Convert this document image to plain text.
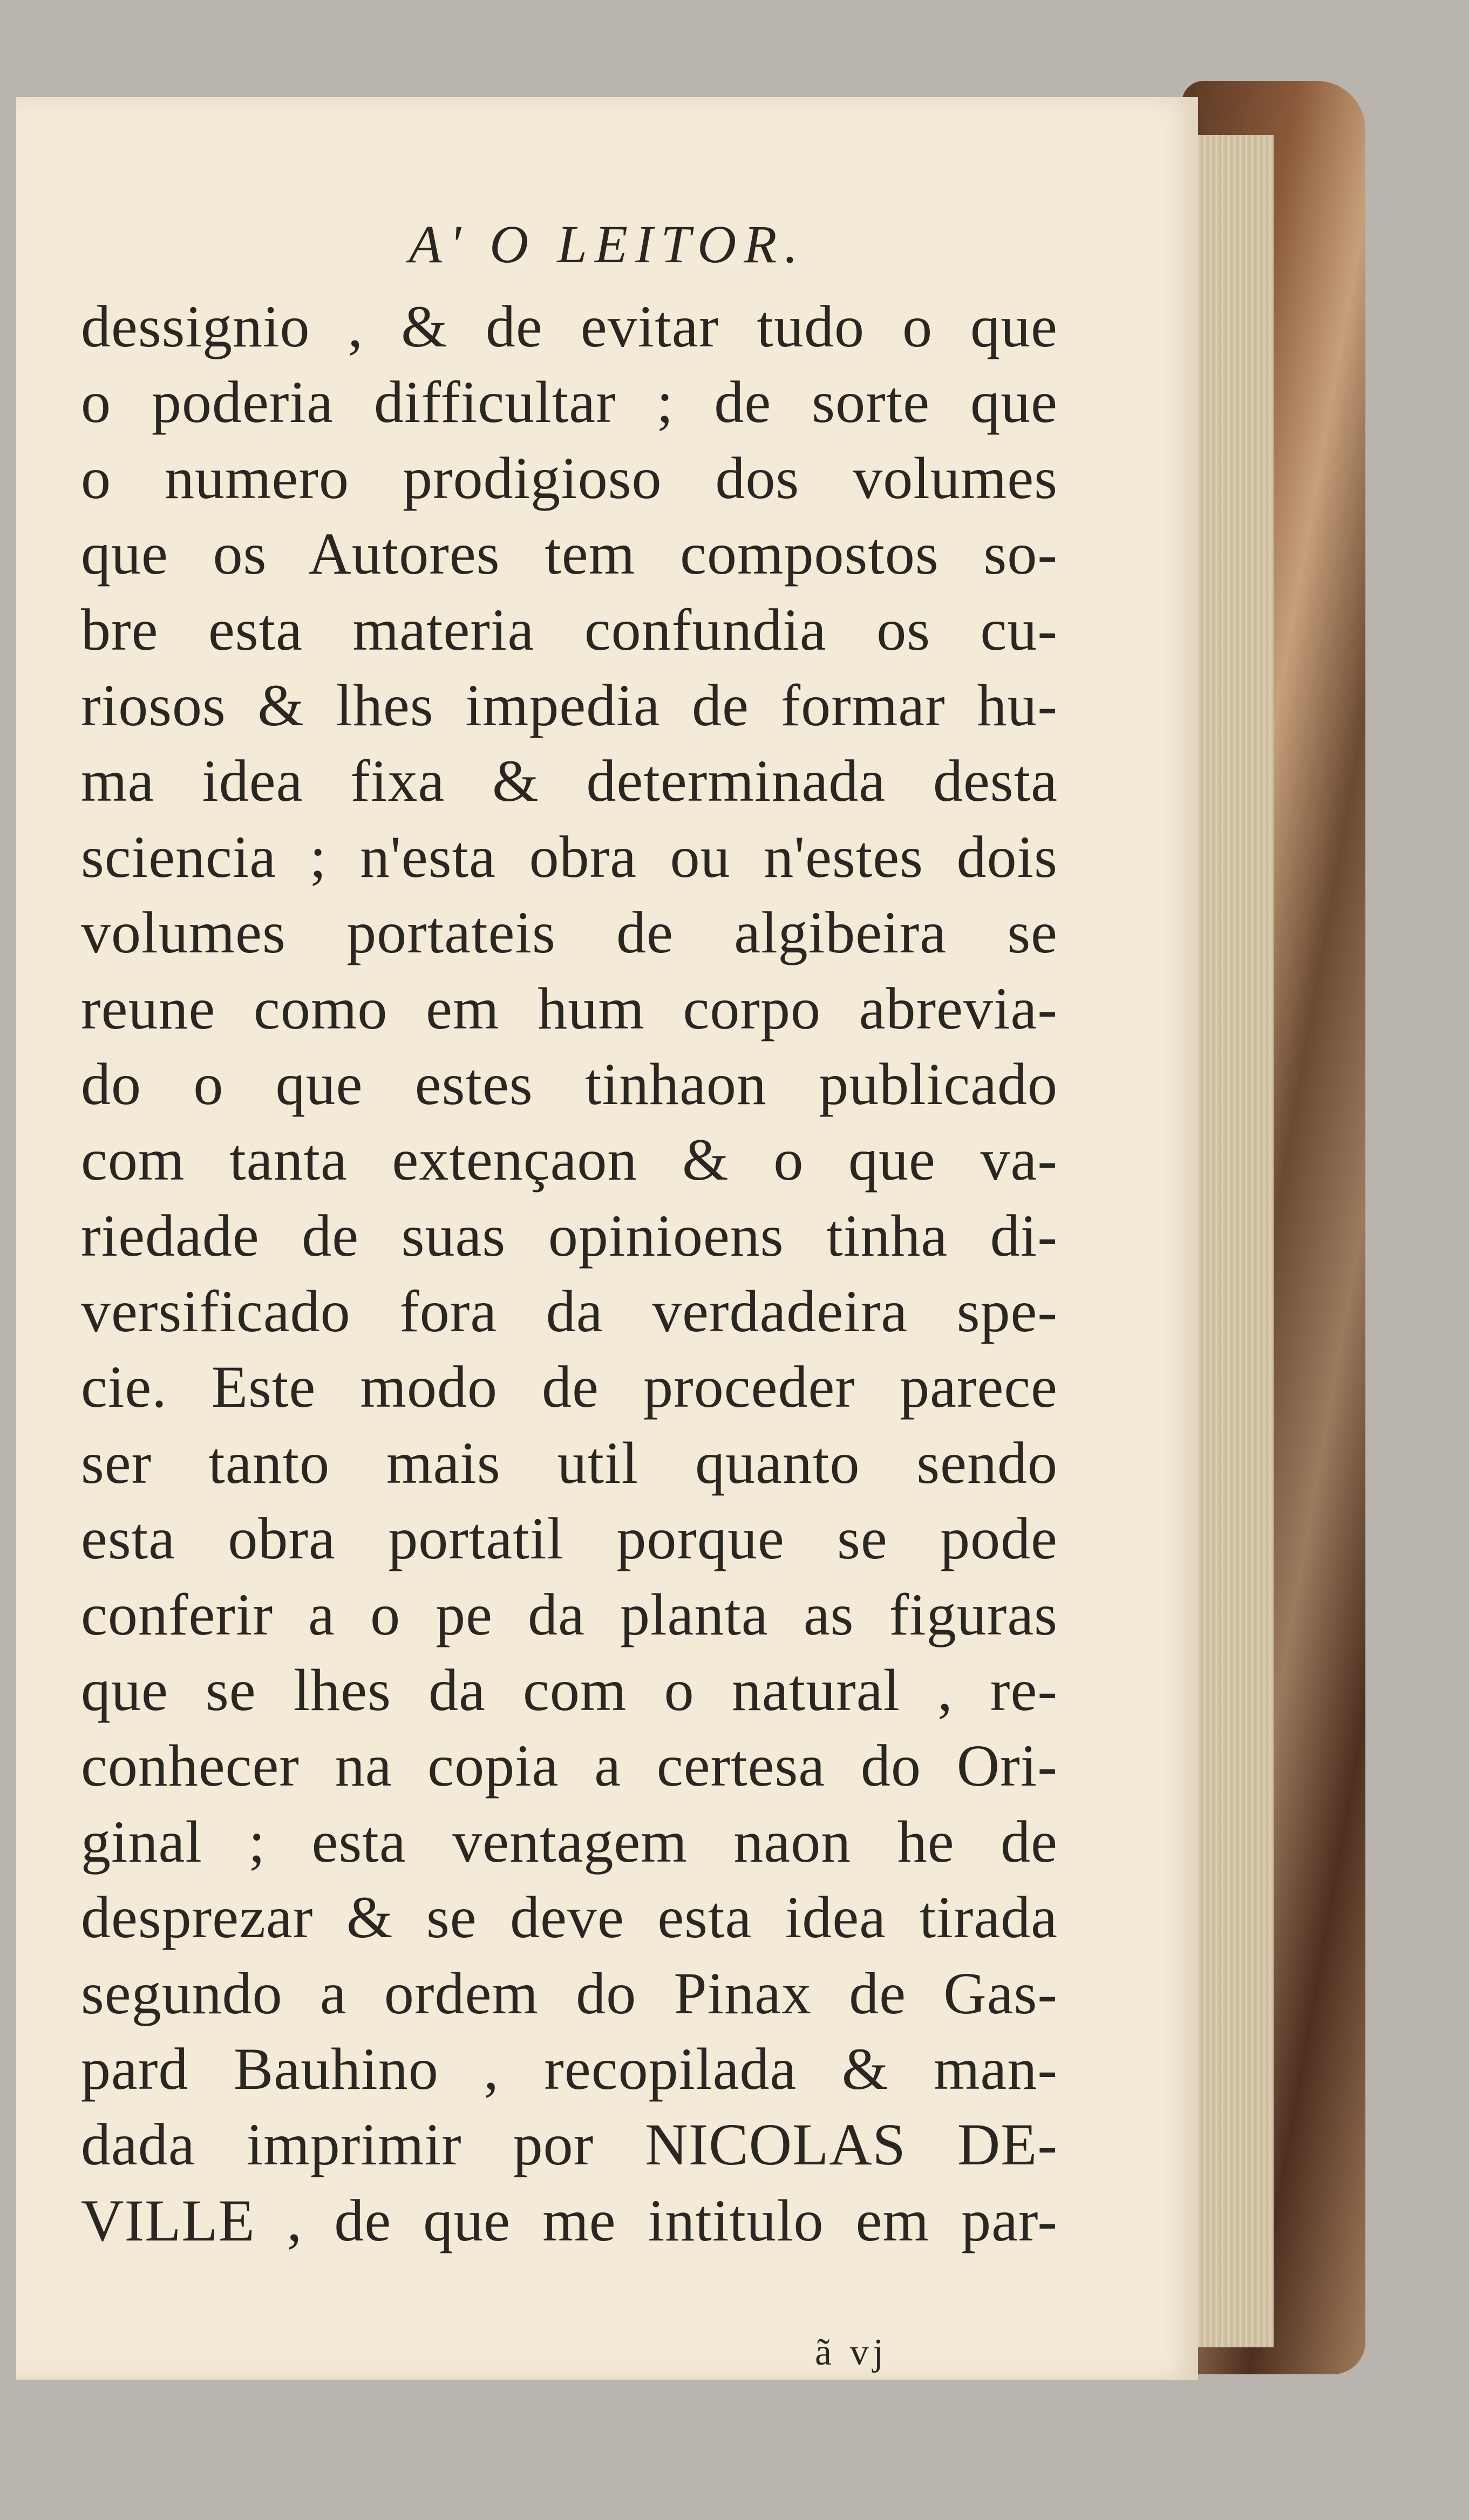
A' O LEITOR.
dessignio , & de evitar tudo o que
o poderia difficultar ; de sorte que
o numero prodigioso dos volumes
que os Autores tem compostos so-
bre esta materia confundia os cu-
riosos & lhes impedia de formar hu-
ma idea fixa & determinada desta
sciencia ; n'esta obra ou n'estes dois
volumes portateis de algibeira se
reune como em hum corpo abrevia-
do o que estes tinhaon publicado
com tanta extençaon & o que va-
riedade de suas opinioens tinha di-
versificado fora da verdadeira spe-
cie. Este modo de proceder parece
ser tanto mais util quanto sendo
esta obra portatil porque se pode
conferir a o pe da planta as figuras
que se lhes da com o natural , re-
conhecer na copia a certesa do Ori-
ginal ; esta ventagem naon he de
desprezar & se deve esta idea tirada
segundo a ordem do Pinax de Gas-
pard Bauhino , recopilada & man-
dada imprimir por NICOLAS DE-
VILLE , de que me intitulo em par-
ã vj
